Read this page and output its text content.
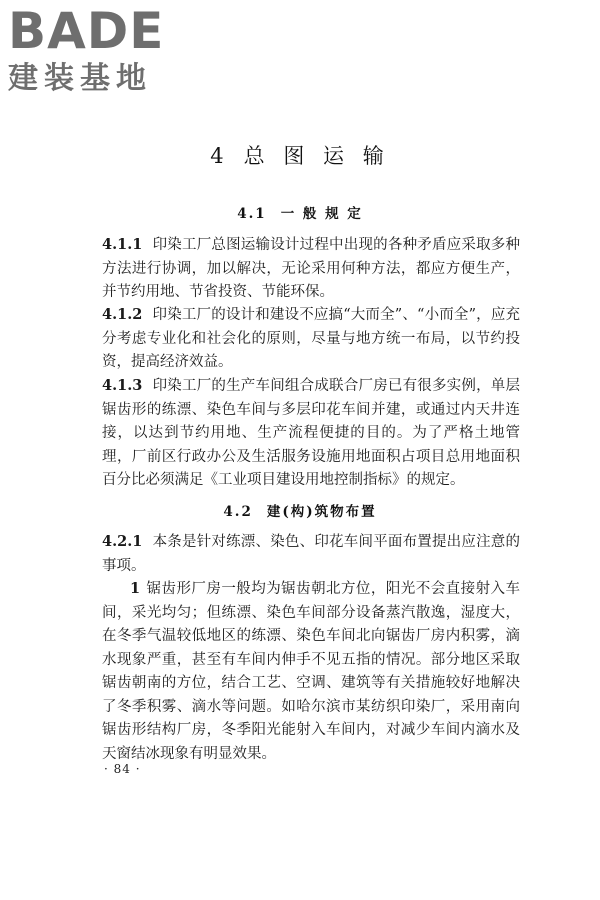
BADE
建装基地
4 总 图 运 输
4.1 一 般 规 定
4.1.1 印染工厂总图运输设计过程中出现的各种矛盾应采取多种方法进行协调，加以解决，无论采用何种方法，都应方便生产，并节约用地、节省投资、节能环保。
4.1.2 印染工厂的设计和建设不应搞“大而全”、“小而全”，应充分考虑专业化和社会化的原则，尽量与地方统一布局，以节约投资，提高经济效益。
4.1.3 印染工厂的生产车间组合成联合厂房已有很多实例，单层锯齿形的练漂、染色车间与多层印花车间并建，或通过内天井连接，以达到节约用地、生产流程便捷的目的。为了严格土地管理，厂前区行政办公及生活服务设施用地面积占项目总用地面积百分比必须满足《工业项目建设用地控制指标》的规定。
4.2 建(构)筑物布置
4.2.1 本条是针对练漂、染色、印花车间平面布置提出应注意的事项。
1 锯齿形厂房一般均为锯齿朝北方位，阳光不会直接射入车间，采光均匀；但练漂、染色车间部分设备蒸汽散逸，湿度大，在冬季气温较低地区的练漂、染色车间北向锯齿厂房内积雾，滴水现象严重，甚至有车间内伸手不见五指的情况。部分地区采取锯齿朝南的方位，结合工艺、空调、建筑等有关措施较好地解决了冬季积雾、滴水等问题。如哈尔滨市某纺织印染厂，采用南向锯齿形结构厂房，冬季阳光能射入车间内，对减少车间内滴水及天窗结冰现象有明显效果。
· 84 ·
